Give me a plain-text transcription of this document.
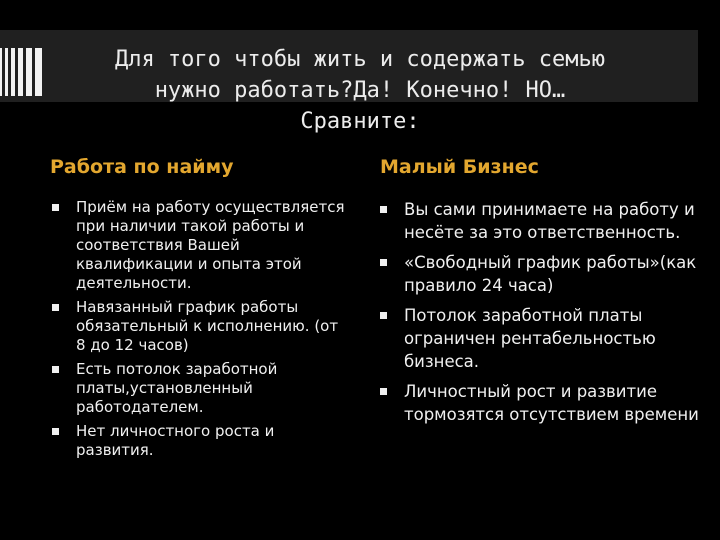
Для того чтобы жить и содержать семью
нужно работать?Да! Конечно! НО…
Сравните:
Работа по найму	Малый Бизнес
Приём на работу осуществляется при наличии такой работы и соответствия Вашей квалификации и опыта этой деятельности.
Навязанный график работы обязательный к исполнению. (от 8 до 12 часов)
Есть потолок заработной платы,установленный работодателем.
Нет личностного роста и развития.
Вы сами принимаете на работу и несёте за это ответственность.
«Свободный график работы»(как правило 24 часа)
Потолок заработной платы ограничен рентабельностью бизнеса.
Личностный рост и развитие тормозятся отсутствием времени
